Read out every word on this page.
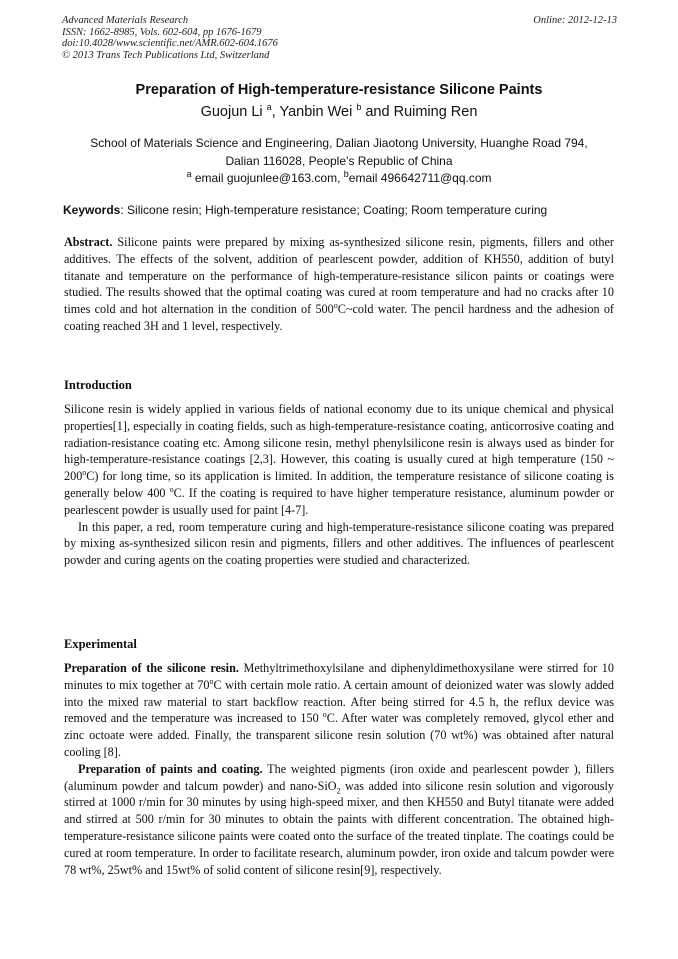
Advanced Materials Research
ISSN: 1662-8985, Vols. 602-604, pp 1676-1679
doi:10.4028/www.scientific.net/AMR.602-604.1676
© 2013 Trans Tech Publications Ltd, Switzerland
Online: 2012-12-13
Preparation of High-temperature-resistance Silicone Paints
Guojun Li $^a$, Yanbin Wei $^b$ and Ruiming Ren
School of Materials Science and Engineering, Dalian Jiaotong University, Huanghe Road 794,
Dalian 116028, People’s Republic of China
$^a$ email guojunlee@163.com, $^b$email 496642711@qq.com
Keywords: Silicone resin; High-temperature resistance; Coating; Room temperature curing

Abstract. Silicone paints were prepared by mixing as-synthesized silicone resin, pigments, fillers and other additives. The effects of the solvent, addition of pearlescent powder, addition of KH550, addition of butyl titanate and temperature on the performance of high-temperature-resistance silicon paints or coatings were studied. The results showed that the optimal coating was cured at room temperature and had no cracks after 10 times cold and hot alternation in the condition of 500$^o$C~cold water. The pencil hardness and the adhesion of coating reached 3H and 1 level, respectively.

Introduction

Silicone resin is widely applied in various fields of national economy due to its unique chemical and physical properties[1], especially in coating fields, such as high-temperature-resistance coating, anticorrosive coating and radiation-resistance coating etc. Among silicone resin, methyl phenylsilicone resin is always used as binder for high-temperature-resistance coatings [2,3]. However, this coating is usually cured at high temperature (150 ~ 200$^o$C) for long time, so its application is limited. In addition, the temperature resistance of silicone coating is generally below 400 $^o$C. If the coating is required to have higher temperature resistance, aluminum powder or pearlescent powder is usually used for paint [4-7].

In this paper, a red, room temperature curing and high-temperature-resistance silicone coating was prepared by mixing as-synthesized silicon resin and pigments, fillers and other additives. The influences of pearlescent powder and curing agents on the coating properties were studied and characterized.

Experimental

Preparation of the silicone resin. Methyltrimethoxylsilane and diphenyldimethoxysilane were stirred for 10 minutes to mix together at 70$^o$C with certain mole ratio. A certain amount of deionized water was slowly added into the mixed raw material to start backflow reaction. After being stirred for 4.5 h, the reflux device was removed and the temperature was increased to 150 $^o$C. After water was completely removed, glycol ether and zinc octoate were added. Finally, the transparent silicone resin solution (70 wt%) was obtained after natural cooling [8].

Preparation of paints and coating. The weighted pigments (iron oxide and pearlescent powder ), fillers (aluminum powder and talcum powder) and nano-SiO$_2$ was added into silicone resin solution and vigorously stirred at 1000 r/min for 30 minutes by using high-speed mixer, and then KH550 and Butyl titanate were added and stirred at 500 r/min for 30 minutes to obtain the paints with different concentration. The obtained high-temperature-resistance silicone paints were coated onto the surface of the treated tinplate. The coatings could be cured at room temperature. In order to facilitate research, aluminum powder, iron oxide and talcum powder were 78 wt%, 25wt% and 15wt% of solid content of silicone resin[9], respectively.
